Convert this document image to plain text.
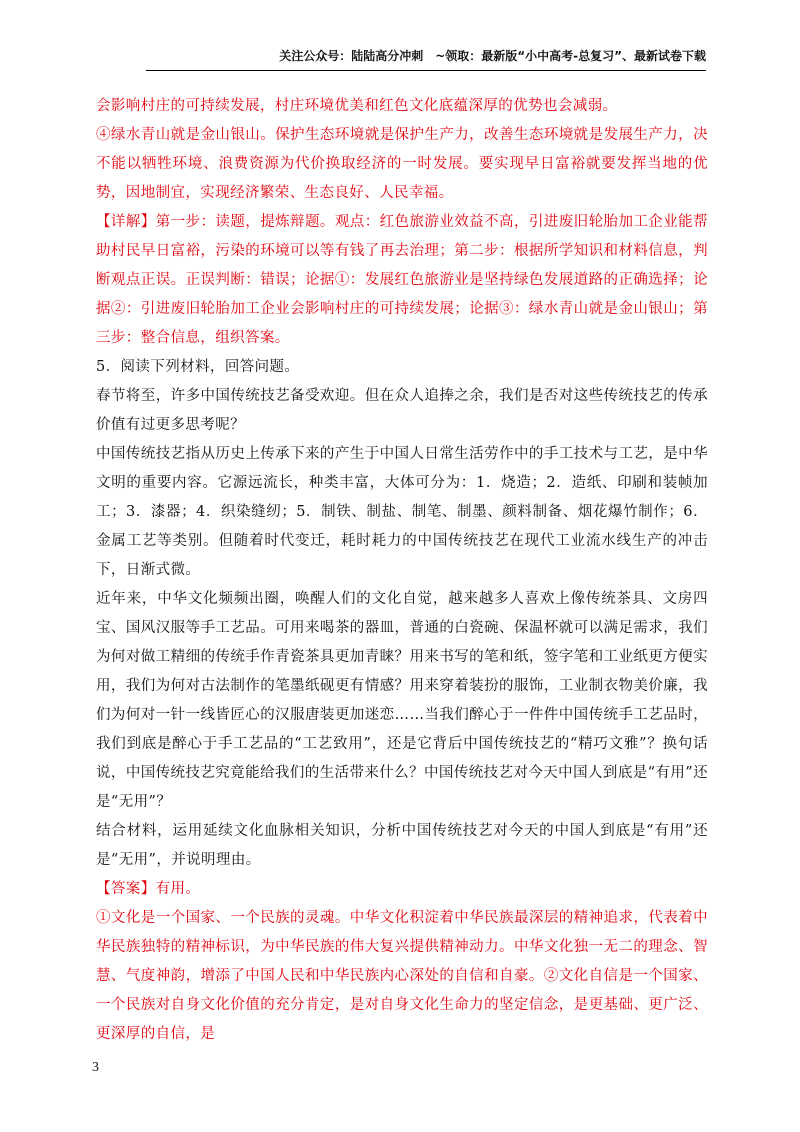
关注公众号：陆陆高分冲刺　~领取：最新版“小中高考-总复习”、最新试卷下载

会影响村庄的可持续发展，村庄环境优美和红色文化底蕴深厚的优势也会减弱。

④绿水青山就是金山银山。保护生态环境就是保护生产力，改善生态环境就是发展生产力，决不能以牺牲环境、浪费资源为代价换取经济的一时发展。要实现早日富裕就要发挥当地的优势，因地制宜，实现经济繁荣、生态良好、人民幸福。

【详解】第一步：读题，提炼辩题。观点：红色旅游业效益不高，引进废旧轮胎加工企业能帮助村民早日富裕，污染的环境可以等有钱了再去治理；第二步：根据所学知识和材料信息，判断观点正误。正误判断：错误；论据①：发展红色旅游业是坚持绿色发展道路的正确选择；论据②：引进废旧轮胎加工企业会影响村庄的可持续发展；论据③：绿水青山就是金山银山；第三步：整合信息，组织答案。

5．阅读下列材料，回答问题。

春节将至，许多中国传统技艺备受欢迎。但在众人追捧之余，我们是否对这些传统技艺的传承价值有过更多思考呢？

中国传统技艺指从历史上传承下来的产生于中国人日常生活劳作中的手工技术与工艺，是中华文明的重要内容。它源远流长，种类丰富，大体可分为：1．烧造；2．造纸、印刷和装帧加工；3．漆器；4．织染缝纫；5．制铁、制盐、制笔、制墨、颜料制备、烟花爆竹制作；6．金属工艺等类别。但随着时代变迁，耗时耗力的中国传统技艺在现代工业流水线生产的冲击下，日渐式微。

近年来，中华文化频频出圈，唤醒人们的文化自觉，越来越多人喜欢上像传统茶具、文房四宝、国风汉服等手工艺品。可用来喝茶的器皿，普通的白瓷碗、保温杯就可以满足需求，我们为何对做工精细的传统手作青瓷茶具更加青睐？用来书写的笔和纸，签字笔和工业纸更方便实用，我们为何对古法制作的笔墨纸砚更有情感？用来穿着装扮的服饰，工业制衣物美价廉，我们为何对一针一线皆匠心的汉服唐装更加迷恋……当我们醉心于一件件中国传统手工艺品时，我们到底是醉心于手工艺品的“工艺致用”，还是它背后中国传统技艺的“精巧文雅”？换句话说，中国传统技艺究竟能给我们的生活带来什么？中国传统技艺对今天中国人到底是“有用”还是“无用”？

结合材料，运用延续文化血脉相关知识，分析中国传统技艺对今天的中国人到底是“有用”还是“无用”，并说明理由。

【答案】有用。

①文化是一个国家、一个民族的灵魂。中华文化积淀着中华民族最深层的精神追求，代表着中华民族独特的精神标识，为中华民族的伟大复兴提供精神动力。中华文化独一无二的理念、智慧、气度神韵，增添了中国人民和中华民族内心深处的自信和自豪。②文化自信是一个国家、一个民族对自身文化价值的充分肯定，是对自身文化生命力的坚定信念，是更基础、更广泛、更深厚的自信，是

3
